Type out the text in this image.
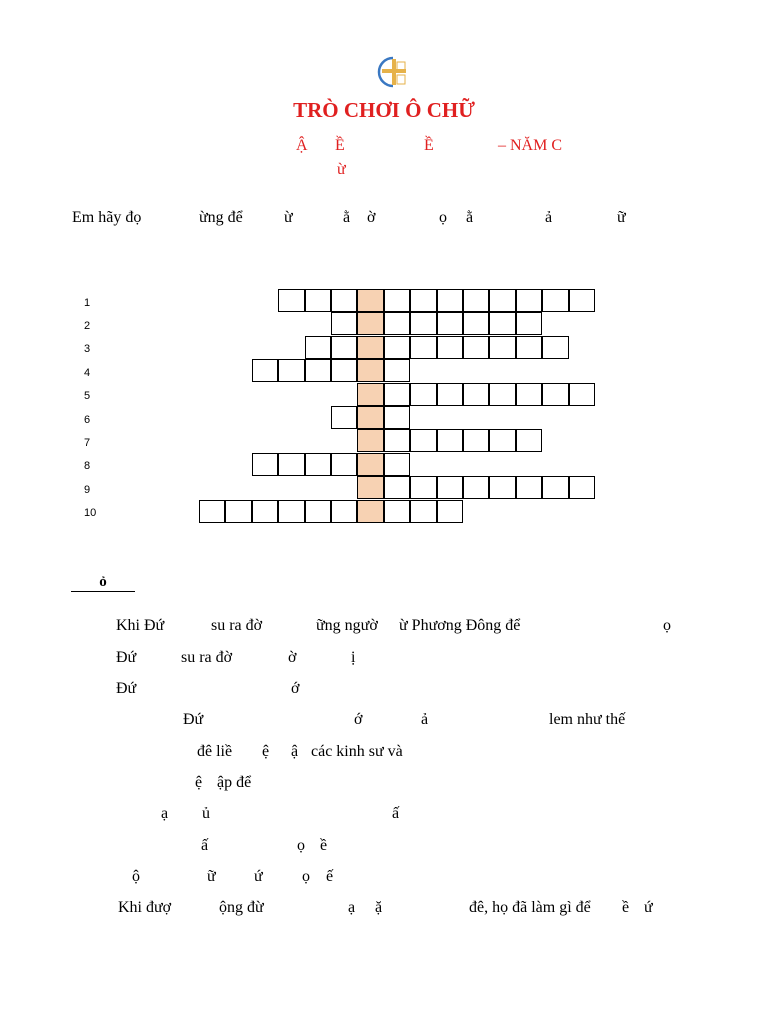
TRÒ CHƠI Ô CHỮ
Ậ Ề	Ề	– NĂM C
ừ
Em hãy đọ	ừng để	ừ	ằ ờ	ọ ằ	ả	ữ
1
2
3
4
5
6
7
8
9
10
ỏ
Khi Đứ	su ra đờ	ững ngườ ừ Phương Đông để	ọ
Đứ	su ra đờ	ờ	ị
Đứ	ớ
Đứ	ớ	ả	lem như thế
đê liề ệ ậ các kinh sư và
ệ ập để
ạ ủ	ấ
ấ	ọ ề
ộ	ữ ứ ọ ế
Khi đượ	ộng đừ	ạ ặ	đê, họ đã làm gì để ề ứ
